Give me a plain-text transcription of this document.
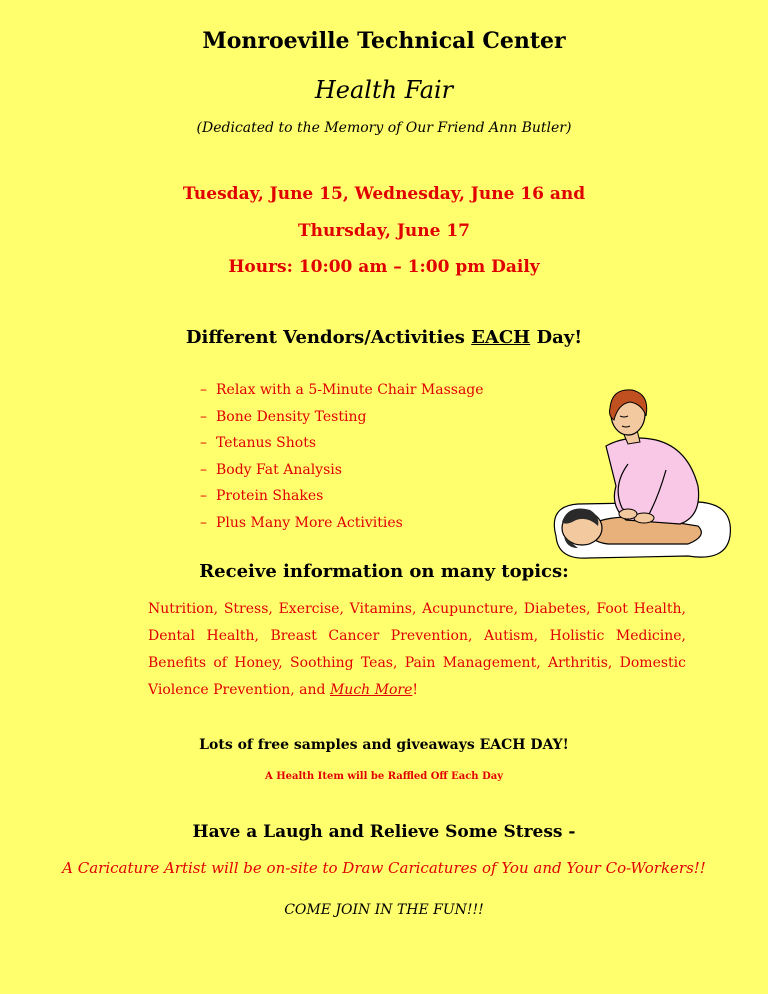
Monroeville Technical Center
Health Fair
(Dedicated to the Memory of Our Friend Ann Butler)
Tuesday, June 15, Wednesday, June 16 and
Thursday, June 17
Hours: 10:00 am – 1:00 pm Daily
Different Vendors/Activities EACH Day!
– Relax with a 5-Minute Chair Massage
– Bone Density Testing
– Tetanus Shots
– Body Fat Analysis
– Protein Shakes
– Plus Many More Activities
Receive information on many topics:
Nutrition, Stress, Exercise, Vitamins, Acupuncture, Diabetes, Foot Health, Dental Health, Breast Cancer Prevention, Autism, Holistic Medicine, Benefits of Honey, Soothing Teas, Pain Management, Arthritis, Domestic Violence Prevention, and Much More!
Lots of free samples and giveaways EACH DAY!
A Health Item will be Raffled Off Each Day
Have a Laugh and Relieve Some Stress -
A Caricature Artist will be on-site to Draw Caricatures of You and Your Co-Workers!!
COME JOIN IN THE FUN!!!
